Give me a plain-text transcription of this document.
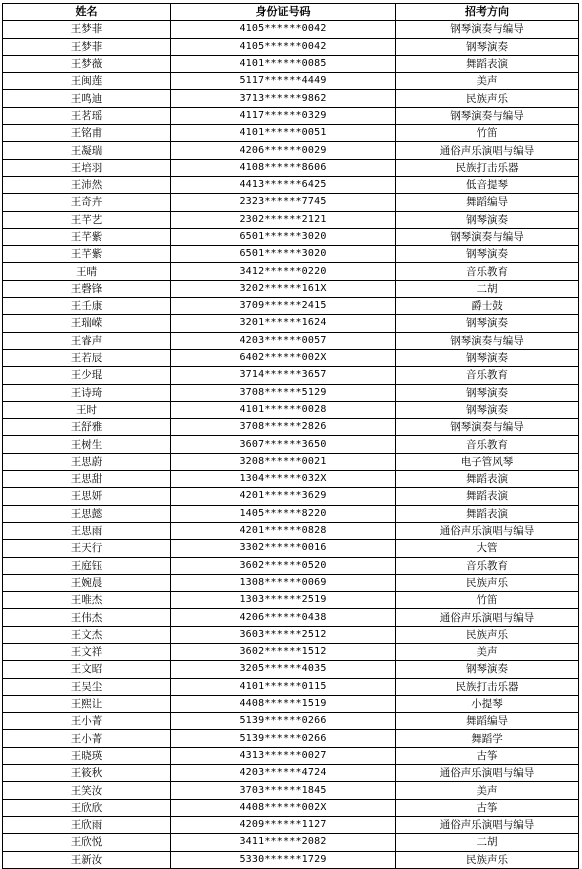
姓名	身份证号码	招考方向
王梦菲	4105******0042	钢琴演奏与编导
王梦菲	4105******0042	钢琴演奏
王梦薇	4101******0085	舞蹈表演
王闽莲	5117******4449	美声
王鸣迪	3713******9862	民族声乐
王茗瑶	4117******0329	钢琴演奏与编导
王铭甫	4101******0051	竹笛
王凝瑞	4206******0029	通俗声乐演唱与编导
王培羽	4108******8606	民族打击乐器
王沛然	4413******6425	低音提琴
王奇卉	2323******7745	舞蹈编导
王芊艺	2302******2121	钢琴演奏
王芊紫	6501******3020	钢琴演奏与编导
王芊紫	6501******3020	钢琴演奏
王晴	3412******0220	音乐教育
王磬锋	3202******161X	二胡
王壬康	3709******2415	爵士鼓
王瑞嵘	3201******1624	钢琴演奏
王睿声	4203******0057	钢琴演奏与编导
王若辰	6402******002X	钢琴演奏
王少琨	3714******3657	音乐教育
王诗琦	3708******5129	钢琴演奏
王时	4101******0028	钢琴演奏
王舒雅	3708******2826	钢琴演奏与编导
王树生	3607******3650	音乐教育
王思蔚	3208******0021	电子管风琴
王思甜	1304******032X	舞蹈表演
王思妍	4201******3629	舞蹈表演
王思懿	1405******8220	舞蹈表演
王思雨	4201******0828	通俗声乐演唱与编导
王天行	3302******0016	大管
王庭钰	3602******0520	音乐教育
王婉晨	1308******0069	民族声乐
王唯杰	1303******2519	竹笛
王伟杰	4206******0438	通俗声乐演唱与编导
王文杰	3603******2512	民族声乐
王文祥	3602******1512	美声
王文昭	3205******4035	钢琴演奏
王吴尘	4101******0115	民族打击乐器
王熙让	4408******1519	小提琴
王小菁	5139******0266	舞蹈编导
王小菁	5139******0266	舞蹈学
王晓瑛	4313******0027	古筝
王筱秋	4203******4724	通俗声乐演唱与编导
王笑汝	3703******1845	美声
王欣欣	4408******002X	古筝
王欣雨	4209******1127	通俗声乐演唱与编导
王欣悦	3411******2082	二胡
王新汝	5330******1729	民族声乐
